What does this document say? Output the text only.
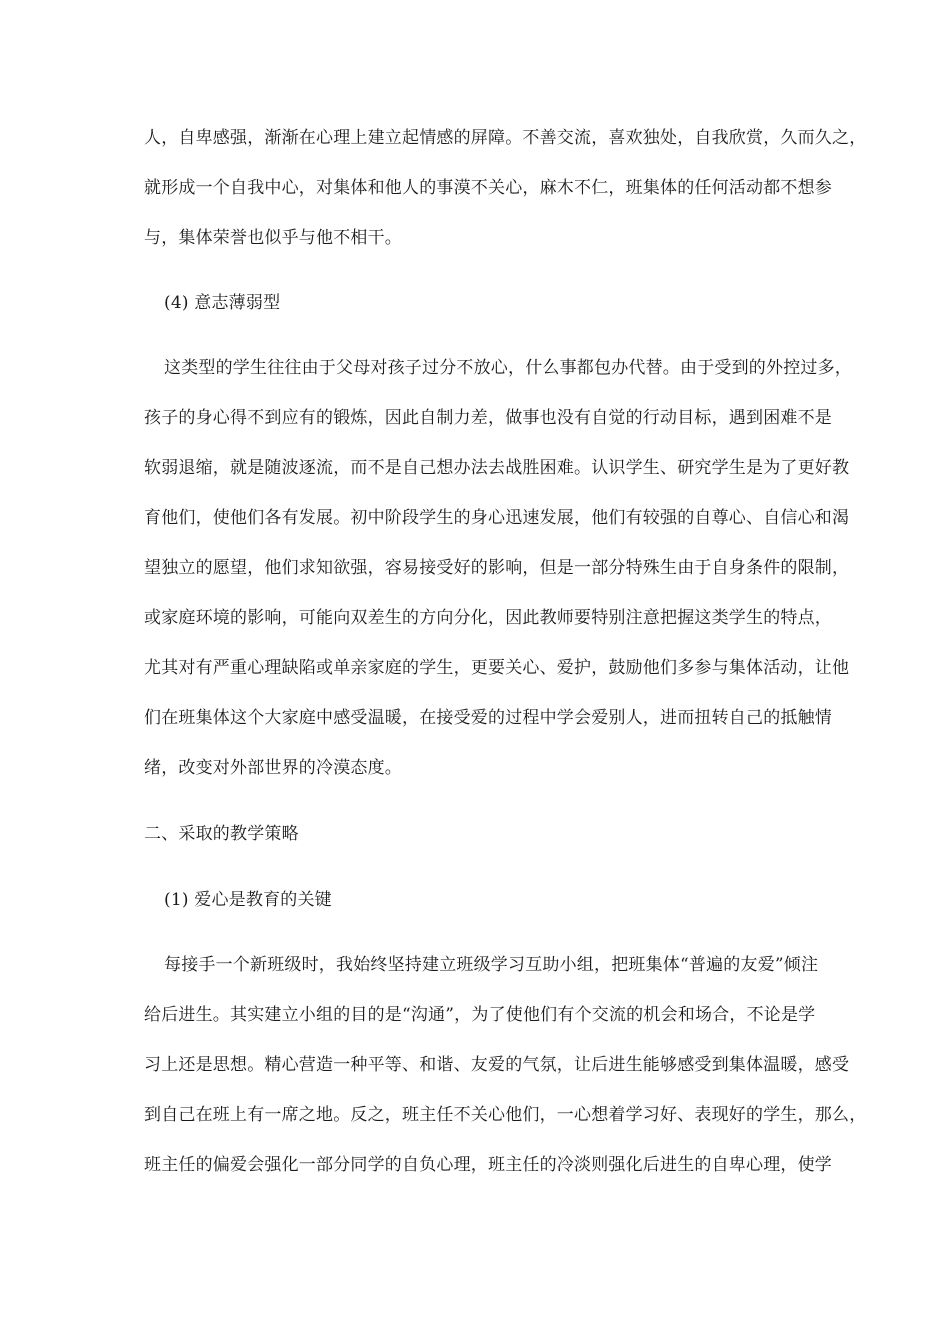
人，自卑感强，渐渐在心理上建立起情感的屏障。不善交流，喜欢独处，自我欣赏，久而久之，
就形成一个自我中心，对集体和他人的事漠不关心，麻木不仁，班集体的任何活动都不想参
与，集体荣誉也似乎与他不相干。
(4) 意志薄弱型
这类型的学生往往由于父母对孩子过分不放心，什么事都包办代替。由于受到的外控过多，
孩子的身心得不到应有的锻炼，因此自制力差，做事也没有自觉的行动目标，遇到困难不是
软弱退缩，就是随波逐流，而不是自己想办法去战胜困难。认识学生、研究学生是为了更好教
育他们，使他们各有发展。初中阶段学生的身心迅速发展，他们有较强的自尊心、自信心和渴
望独立的愿望，他们求知欲强，容易接受好的影响，但是一部分特殊生由于自身条件的限制，
或家庭环境的影响，可能向双差生的方向分化，因此教师要特别注意把握这类学生的特点，
尤其对有严重心理缺陷或单亲家庭的学生，更要关心、爱护，鼓励他们多参与集体活动，让他
们在班集体这个大家庭中感受温暖，在接受爱的过程中学会爱别人，进而扭转自己的抵触情
绪，改变对外部世界的冷漠态度。
二、采取的教学策略
(1) 爱心是教育的关键
每接手一个新班级时，我始终坚持建立班级学习互助小组，把班集体“普遍的友爱”倾注
给后进生。其实建立小组的目的是“沟通”，为了使他们有个交流的机会和场合，不论是学
习上还是思想。精心营造一种平等、和谐、友爱的气氛，让后进生能够感受到集体温暖，感受
到自己在班上有一席之地。反之，班主任不关心他们，一心想着学习好、表现好的学生，那么，
班主任的偏爱会强化一部分同学的自负心理，班主任的冷淡则强化后进生的自卑心理，使学
